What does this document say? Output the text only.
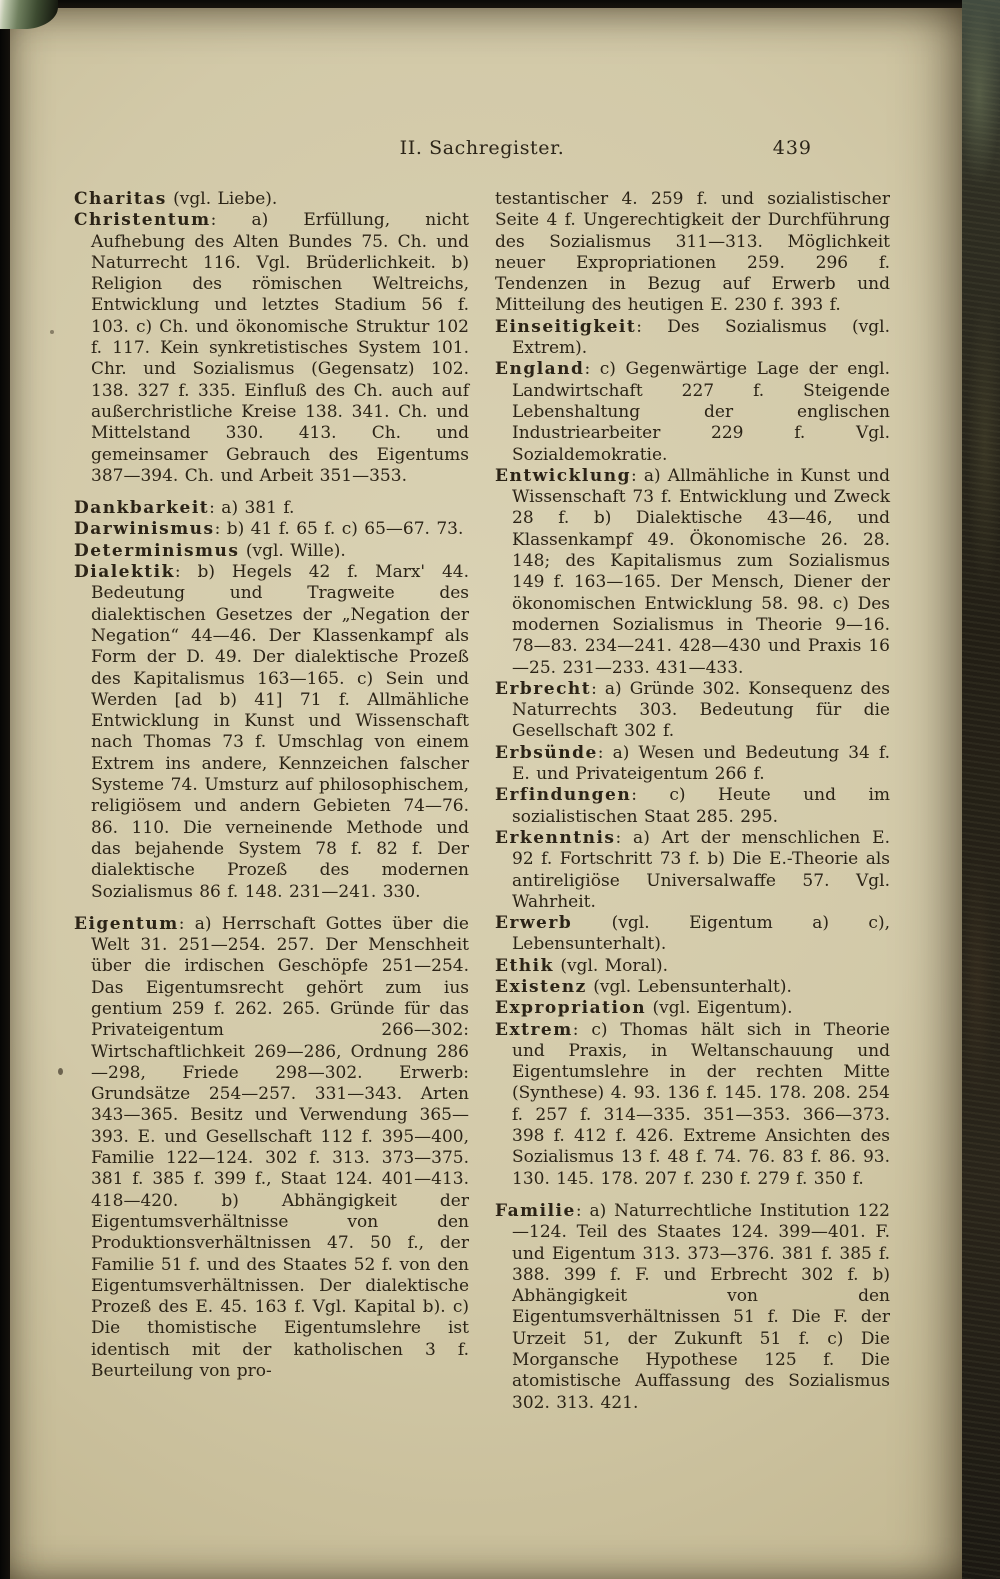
II. Sachregister.	439

Charitas (vgl. Liebe).

Christentum: a) Erfüllung, nicht Aufhebung des Alten Bundes 75. Ch. und Naturrecht 116. Vgl. Brüderlichkeit. b) Religion des römischen Weltreichs, Entwicklung und letztes Stadium 56 f. 103. c) Ch. und ökonomische Struktur 102 f. 117. Kein synkretistisches System 101. Chr. und Sozialismus (Gegensatz) 102. 138. 327 f. 335. Einfluß des Ch. auch auf außerchristliche Kreise 138. 341. Ch. und Mittelstand 330. 413. Ch. und gemeinsamer Gebrauch des Eigentums 387—394. Ch. und Arbeit 351—353.

Dankbarkeit: a) 381 f.

Darwinismus: b) 41 f. 65 f. c) 65—67. 73.

Determinismus (vgl. Wille).

Dialektik: b) Hegels 42 f. Marx' 44. Bedeutung und Tragweite des dialektischen Gesetzes der „Negation der Negation“ 44—46. Der Klassenkampf als Form der D. 49. Der dialektische Prozeß des Kapitalismus 163—165. c) Sein und Werden [ad b) 41] 71 f. Allmähliche Entwicklung in Kunst und Wissenschaft nach Thomas 73 f. Umschlag von einem Extrem ins andere, Kennzeichen falscher Systeme 74. Umsturz auf philosophischem, religiösem und andern Gebieten 74—76. 86. 110. Die verneinende Methode und das bejahende System 78 f. 82 f. Der dialektische Prozeß des modernen Sozialismus 86 f. 148. 231—241. 330.

Eigentum: a) Herrschaft Gottes über die Welt 31. 251—254. 257. Der Menschheit über die irdischen Geschöpfe 251—254. Das Eigentumsrecht gehört zum ius gentium 259 f. 262. 265. Gründe für das Privateigentum 266—302: Wirtschaftlichkeit 269—286, Ordnung 286—298, Friede 298—302. Erwerb: Grundsätze 254—257. 331—343. Arten 343—365. Besitz und Verwendung 365—393. E. und Gesellschaft 112 f. 395—400, Familie 122—124. 302 f. 313. 373—375. 381 f. 385 f. 399 f., Staat 124. 401—413. 418—420. b) Abhängigkeit der Eigentumsverhältnisse von den Produktionsverhältnissen 47. 50 f., der Familie 51 f. und des Staates 52 f. von den Eigentumsverhältnissen. Der dialektische Prozeß des E. 45. 163 f. Vgl. Kapital b). c) Die thomistische Eigentumslehre ist identisch mit der katholischen 3 f. Beurteilung von pro-

testantischer 4. 259 f. und sozialistischer Seite 4 f. Ungerechtigkeit der Durchführung des Sozialismus 311—313. Möglichkeit neuer Expropriationen 259. 296 f. Tendenzen in Bezug auf Erwerb und Mitteilung des heutigen E. 230 f. 393 f.

Einseitigkeit: Des Sozialismus (vgl. Extrem).

England: c) Gegenwärtige Lage der engl. Landwirtschaft 227 f. Steigende Lebenshaltung der englischen Industriearbeiter 229 f. Vgl. Sozialdemokratie.

Entwicklung: a) Allmähliche in Kunst und Wissenschaft 73 f. Entwicklung und Zweck 28 f. b) Dialektische 43—46, und Klassenkampf 49. Ökonomische 26. 28. 148; des Kapitalismus zum Sozialismus 149 f. 163—165. Der Mensch, Diener der ökonomischen Entwicklung 58. 98. c) Des modernen Sozialismus in Theorie 9—16. 78—83. 234—241. 428—430 und Praxis 16—25. 231—233. 431—433.

Erbrecht: a) Gründe 302. Konsequenz des Naturrechts 303. Bedeutung für die Gesellschaft 302 f.

Erbsünde: a) Wesen und Bedeutung 34 f. E. und Privateigentum 266 f.

Erfindungen: c) Heute und im sozialistischen Staat 285. 295.

Erkenntnis: a) Art der menschlichen E. 92 f. Fortschritt 73 f. b) Die E.-Theorie als antireligiöse Universalwaffe 57. Vgl. Wahrheit.

Erwerb (vgl. Eigentum a) c), Lebensunterhalt).

Ethik (vgl. Moral).

Existenz (vgl. Lebensunterhalt).

Expropriation (vgl. Eigentum).

Extrem: c) Thomas hält sich in Theorie und Praxis, in Weltanschauung und Eigentumslehre in der rechten Mitte (Synthese) 4. 93. 136 f. 145. 178. 208. 254 f. 257 f. 314—335. 351—353. 366—373. 398 f. 412 f. 426. Extreme Ansichten des Sozialismus 13 f. 48 f. 74. 76. 83 f. 86. 93. 130. 145. 178. 207 f. 230 f. 279 f. 350 f.

Familie: a) Naturrechtliche Institution 122—124. Teil des Staates 124. 399—401. F. und Eigentum 313. 373—376. 381 f. 385 f. 388. 399 f. F. und Erbrecht 302 f. b) Abhängigkeit von den Eigentumsverhältnissen 51 f. Die F. der Urzeit 51, der Zukunft 51 f. c) Die Morgansche Hypothese 125 f. Die atomistische Auffassung des Sozialismus 302. 313. 421.
